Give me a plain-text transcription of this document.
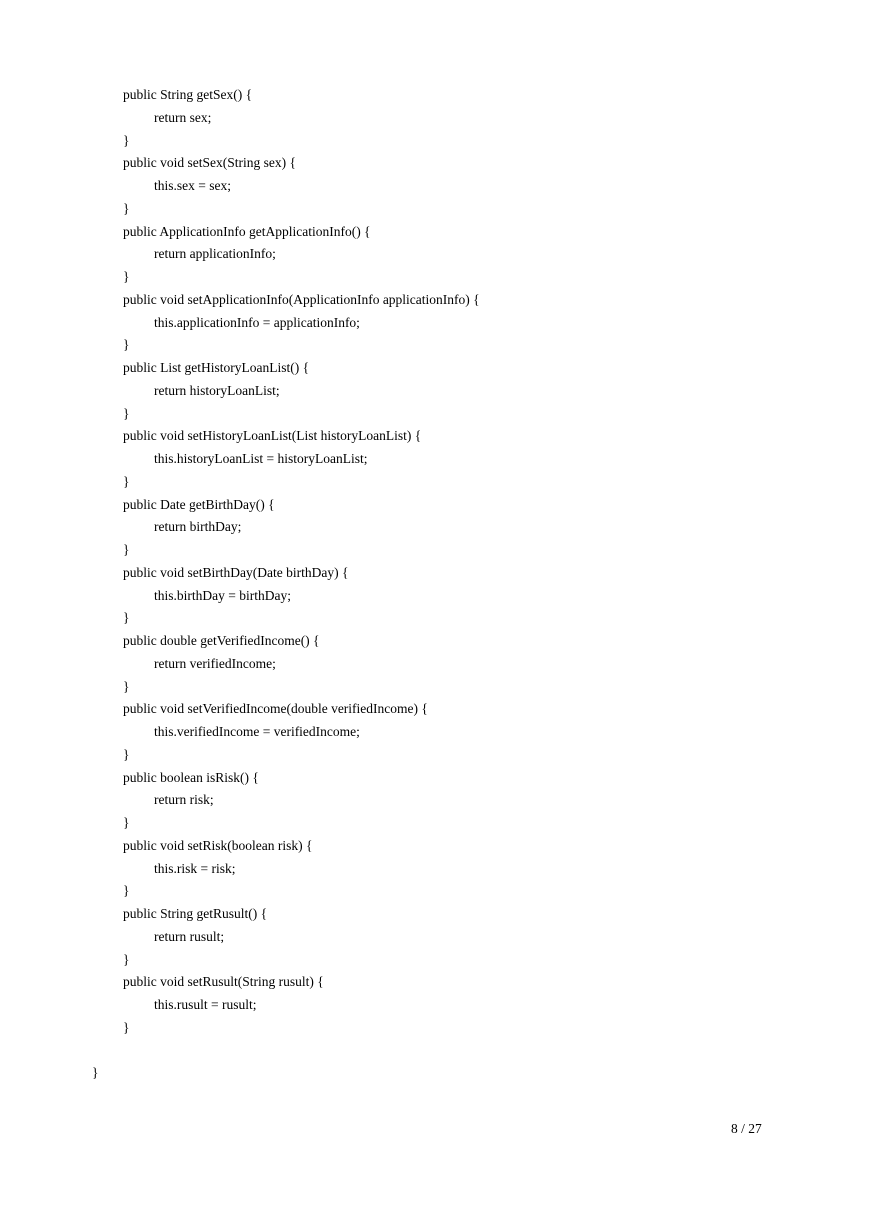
public String getSex() {
return sex;
}
public void setSex(String sex) {
this.sex = sex;
}
public ApplicationInfo getApplicationInfo() {
return applicationInfo;
}
public void setApplicationInfo(ApplicationInfo applicationInfo) {
this.applicationInfo = applicationInfo;
}
public List getHistoryLoanList() {
return historyLoanList;
}
public void setHistoryLoanList(List historyLoanList) {
this.historyLoanList = historyLoanList;
}
public Date getBirthDay() {
return birthDay;
}
public void setBirthDay(Date birthDay) {
this.birthDay = birthDay;
}
public double getVerifiedIncome() {
return verifiedIncome;
}
public void setVerifiedIncome(double verifiedIncome) {
this.verifiedIncome = verifiedIncome;
}
public boolean isRisk() {
return risk;
}
public void setRisk(boolean risk) {
this.risk = risk;
}
public String getRusult() {
return rusult;
}
public void setRusult(String rusult) {
this.rusult = rusult;
}
}
8 / 27
